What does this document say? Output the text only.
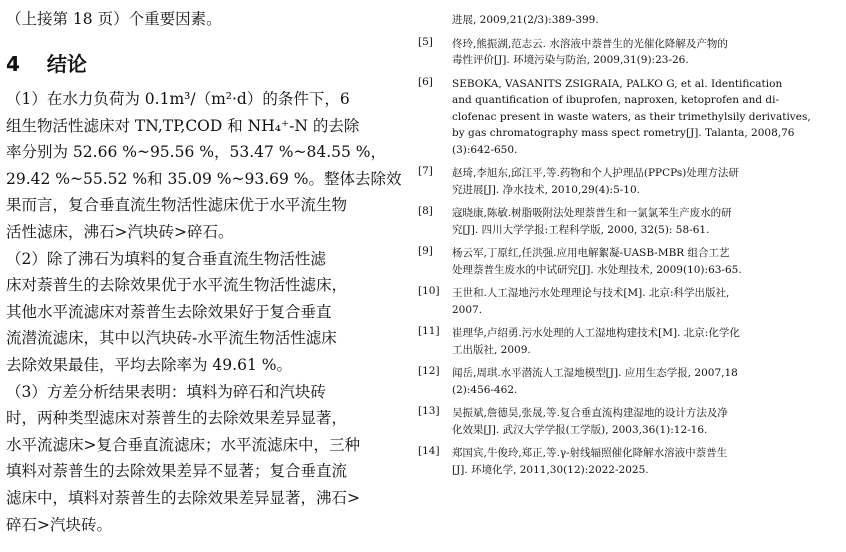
（上接第 18 页）个重要因素。
4 结论
（1）在水力负荷为 0.1m³/（m²·d）的条件下，6
组生物活性滤床对 TN,TP,COD 和 NH₄⁺-N 的去除
率分别为 52.66 %~95.56 %，53.47 %~84.55 %，
29.42 %~55.52 %和 35.09 %~93.69 %。整体去除效
果而言，复合垂直流生物活性滤床优于水平流生物
活性滤床，沸石>汽块砖>碎石。
（2）除了沸石为填料的复合垂直流生物活性滤
床对萘普生的去除效果优于水平流生物活性滤床，
其他水平流滤床对萘普生去除效果好于复合垂直
流潜流滤床，其中以汽块砖-水平流生物活性滤床
去除效果最佳，平均去除率为 49.61 %。
（3）方差分析结果表明：填料为碎石和汽块砖
时，两种类型滤床对萘普生的去除效果差异显著，
水平流滤床>复合垂直流滤床；水平流滤床中，三种
填料对萘普生的去除效果差异不显著；复合垂直流
滤床中，填料对萘普生的去除效果差异显著，沸石>
碎石>汽块砖。
进展, 2009,21(2/3):389-399.
[5]	佟玲,熊振湖,范志云. 水溶液中萘普生的光催化降解及产物的
毒性评价[J]. 环境污染与防治, 2009,31(9):23-26.
[6]	SEBOKA, VASANITS ZSIGRAIA, PALKO G, et al. Identification
and quantification of ibuprofen, naproxen, ketoprofen and di-
clofenac present in waste waters, as their trimethylsily derivatives,
by gas chromatography mass spect rometry[J]. Talanta, 2008,76
(3):642-650.
[7]	赵琦,李旭东,邱江平,等.药物和个人护理品(PPCPs)处理方法研
究进展[J]. 净水技术, 2010,29(4):5-10.
[8]	寇晓康,陈敏.树脂吸附法处理萘普生和一氯氯苯生产废水的研
究[J]. 四川大学学报:工程科学版, 2000, 32(5): 58-61.
[9]	杨云军,丁原红,任洪强.应用电解絮凝-UASB-MBR 组合工艺
处理萘普生废水的中试研究[J]. 水处理技术, 2009(10):63-65.
[10]	王世和.人工湿地污水处理理论与技术[M]. 北京:科学出版社,
2007.
[11]	崔理华,卢绍勇.污水处理的人工湿地构建技术[M]. 北京:化学化
工出版社, 2009.
[12]	闻岳,周琪.水平潜流人工湿地模型[J]. 应用生态学报, 2007,18
(2):456-462.
[13]	吴振斌,詹德昊,张晟,等.复合垂直流构建湿地的设计方法及净
化效果[J]. 武汉大学学报(工学版), 2003,36(1):12-16.
[14]	郑国宾,牛俊玲,郑正,等.γ-射线辐照催化降解水溶液中萘普生
[J]. 环境化学, 2011,30(12):2022-2025.
